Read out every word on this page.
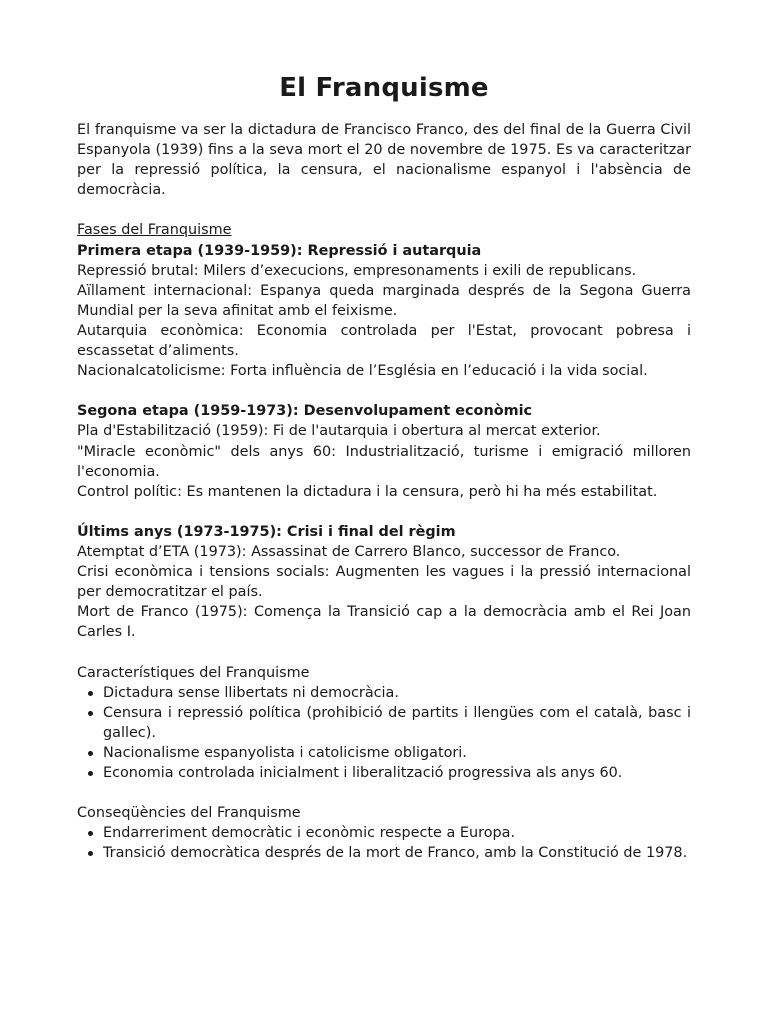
El Franquisme

El franquisme va ser la dictadura de Francisco Franco, des del final de la Guerra Civil Espanyola (1939) fins a la seva mort el 20 de novembre de 1975. Es va caracteritzar per la repressió política, la censura, el nacionalisme espanyol i l'absència de democràcia.

Fases del Franquisme

Primera etapa (1939-1959): Repressió i autarquia

Repressió brutal: Milers d’execucions, empresonaments i exili de republicans.

Aïllament internacional: Espanya queda marginada després de la Segona Guerra Mundial per la seva afinitat amb el feixisme.

Autarquia econòmica: Economia controlada per l'Estat, provocant pobresa i escassetat d’aliments.

Nacionalcatolicisme: Forta influència de l’Església en l’educació i la vida social.

Segona etapa (1959-1973): Desenvolupament econòmic

Pla d'Estabilització (1959): Fi de l'autarquia i obertura al mercat exterior.

"Miracle econòmic" dels anys 60: Industrialització, turisme i emigració milloren l'economia.

Control polític: Es mantenen la dictadura i la censura, però hi ha més estabilitat.

Últims anys (1973-1975): Crisi i final del règim

Atemptat d’ETA (1973): Assassinat de Carrero Blanco, successor de Franco.

Crisi econòmica i tensions socials: Augmenten les vagues i la pressió internacional per democratitzar el país.

Mort de Franco (1975): Comença la Transició cap a la democràcia amb el Rei Joan Carles I.

Característiques del Franquisme

Dictadura sense llibertats ni democràcia.
Censura i repressió política (prohibició de partits i llengües com el català, basc i gallec).
Nacionalisme espanyolista i catolicisme obligatori.
Economia controlada inicialment i liberalització progressiva als anys 60.

Conseqüències del Franquisme

Endarreriment democràtic i econòmic respecte a Europa.
Transició democràtica després de la mort de Franco, amb la Constitució de 1978.
